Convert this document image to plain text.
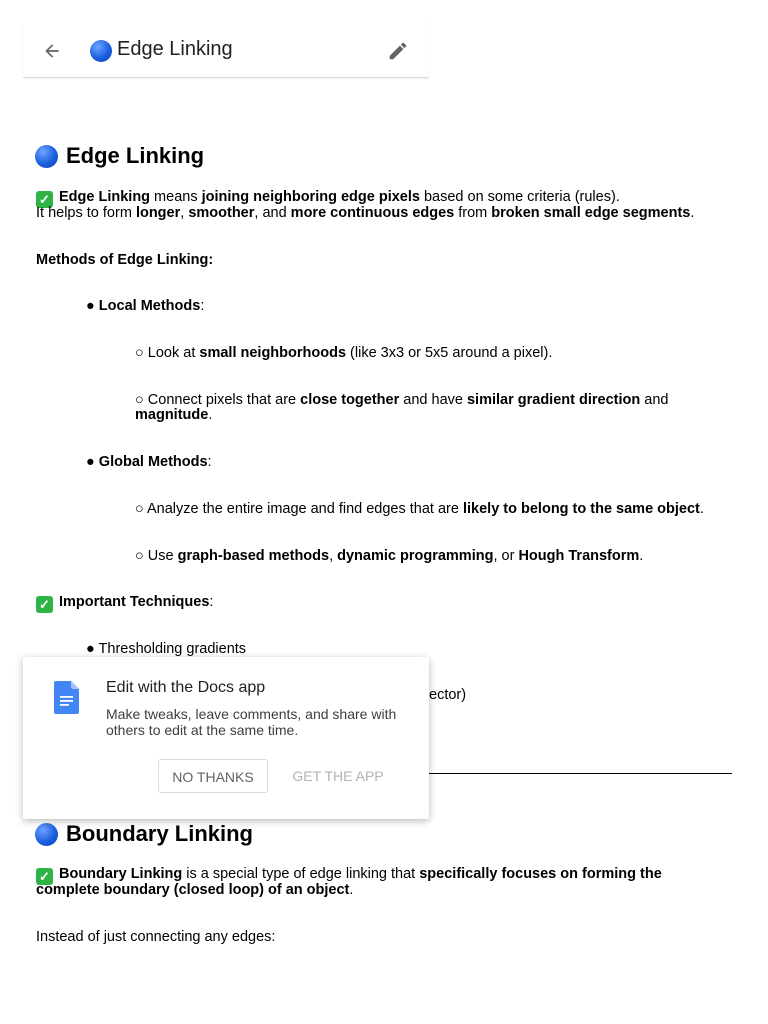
Edge Linking
✓ Edge Linking means joining neighboring edge pixels based on some criteria (rules).
It helps to form longer, smoother, and more continuous edges from broken small edge segments.
Methods of Edge Linking:
● Local Methods:
○ Look at small neighborhoods (like 3x3 or 5x5 around a pixel).
○ Connect pixels that are close together and have similar gradient direction and
magnitude.
● Global Methods:
○ Analyze the entire image and find edges that are likely to belong to the same object.
○ Use graph-based methods, dynamic programming, or Hough Transform.
✓ Important Techniques:
● Thresholding gradients
ector)
Boundary Linking
✓ Boundary Linking is a special type of edge linking that specifically focuses on forming the
complete boundary (closed loop) of an object.
Instead of just connecting any edges:
Edge Linking
Edit with the Docs app
Make tweaks, leave comments, and share with others to edit at the same time.
NO THANKS	GET THE APP
